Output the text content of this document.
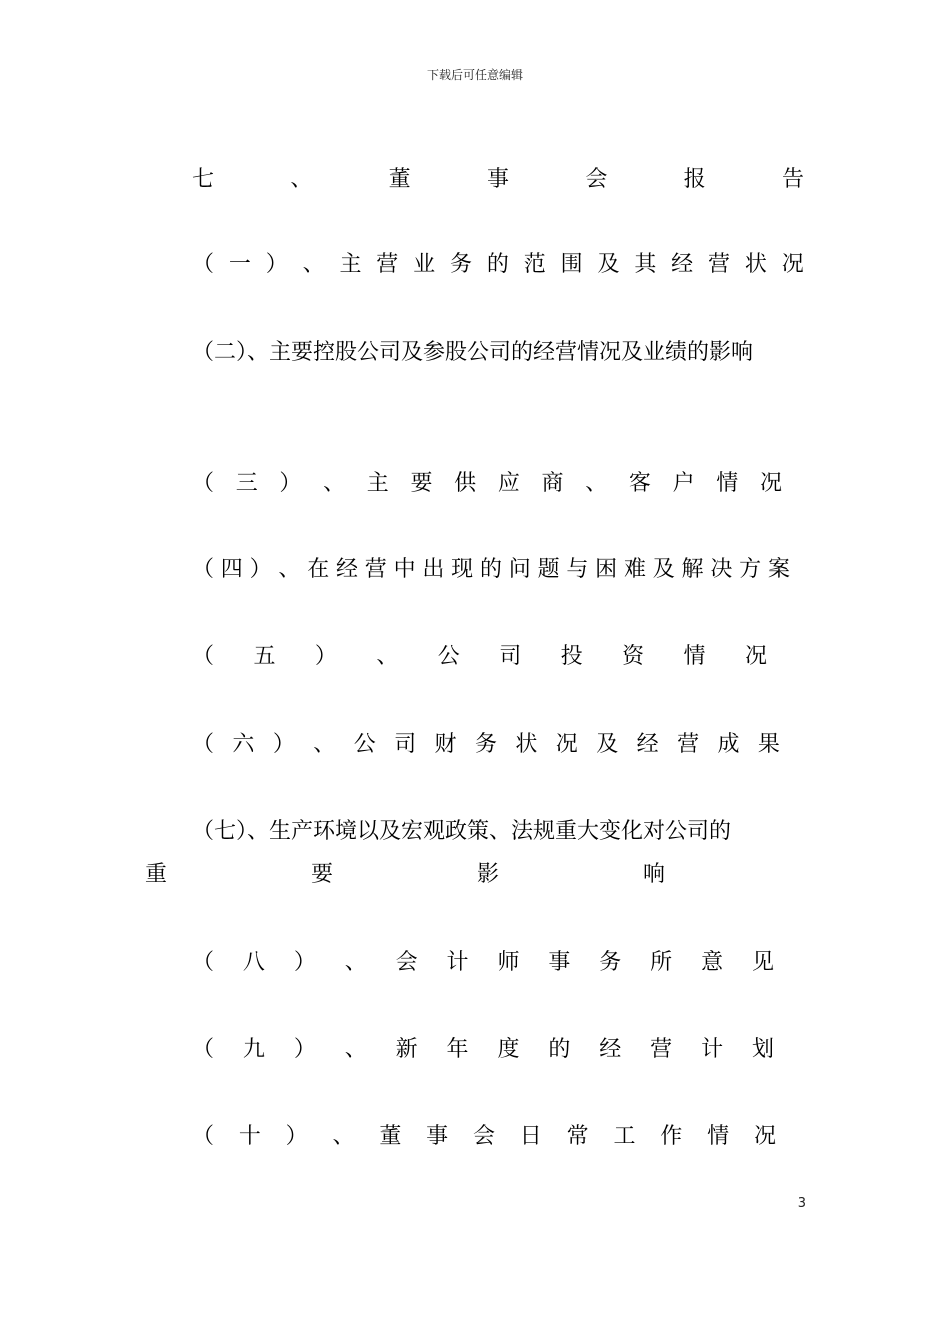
下载后可任意编辑
七	、	董	事	会	报	告
（ 一 ） 、 主 营 业 务 的 范 围 及 其 经 营 状 况
（二）、主要控股公司及参股公司的经营情况及业绩的影响
（ 三 ） 、 主 要 供 应 商 、 客 户 情 况
（ 四 ） 、 在 经 营 中 出 现 的 问 题 与 困 难 及 解 决 方 案
（ 五 ） 、 公 司 投 资 情 况
（ 六 ） 、 公 司 财 务 状 况 及 经 营 成 果
（七）、生产环境以及宏观政策、法规重大变化对公司的
重	要	影	响
（ 八 ） 、 会 计 师 事 务 所 意 见
（ 九 ） 、 新 年 度 的 经 营 计 划
（ 十 ） 、 董 事 会 日 常 工 作 情 况
3
